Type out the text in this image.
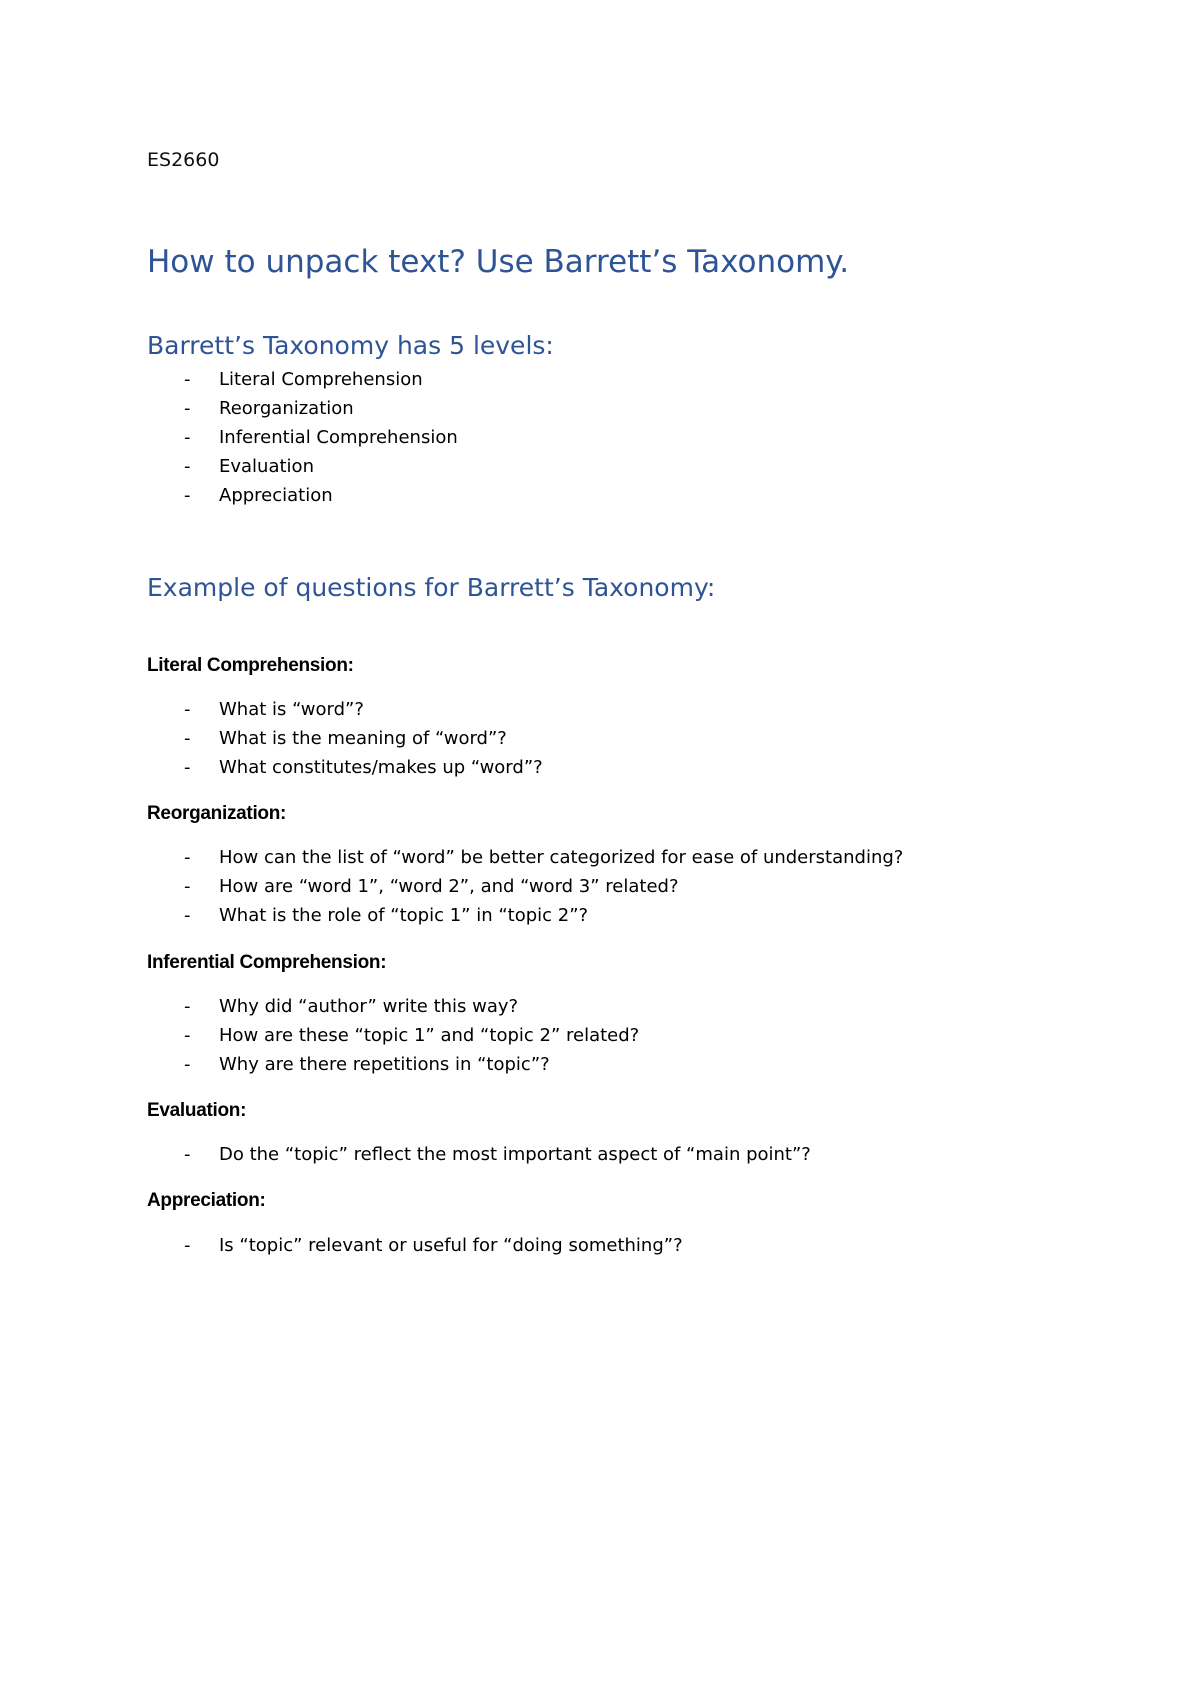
ES2660
How to unpack text? Use Barrett’s Taxonomy.
Barrett’s Taxonomy has 5 levels:
- Literal Comprehension
- Reorganization
- Inferential Comprehension
- Evaluation
- Appreciation
Example of questions for Barrett’s Taxonomy:
Literal Comprehension:
- What is “word”?
- What is the meaning of “word”?
- What constitutes/makes up “word”?
Reorganization:
- How can the list of “word” be better categorized for ease of understanding?
- How are “word 1”, “word 2”, and “word 3” related?
- What is the role of “topic 1” in “topic 2”?
Inferential Comprehension:
- Why did “author” write this way?
- How are these “topic 1” and “topic 2” related?
- Why are there repetitions in “topic”?
Evaluation:
- Do the “topic” reflect the most important aspect of “main point”?
Appreciation:
- Is “topic” relevant or useful for “doing something”?
